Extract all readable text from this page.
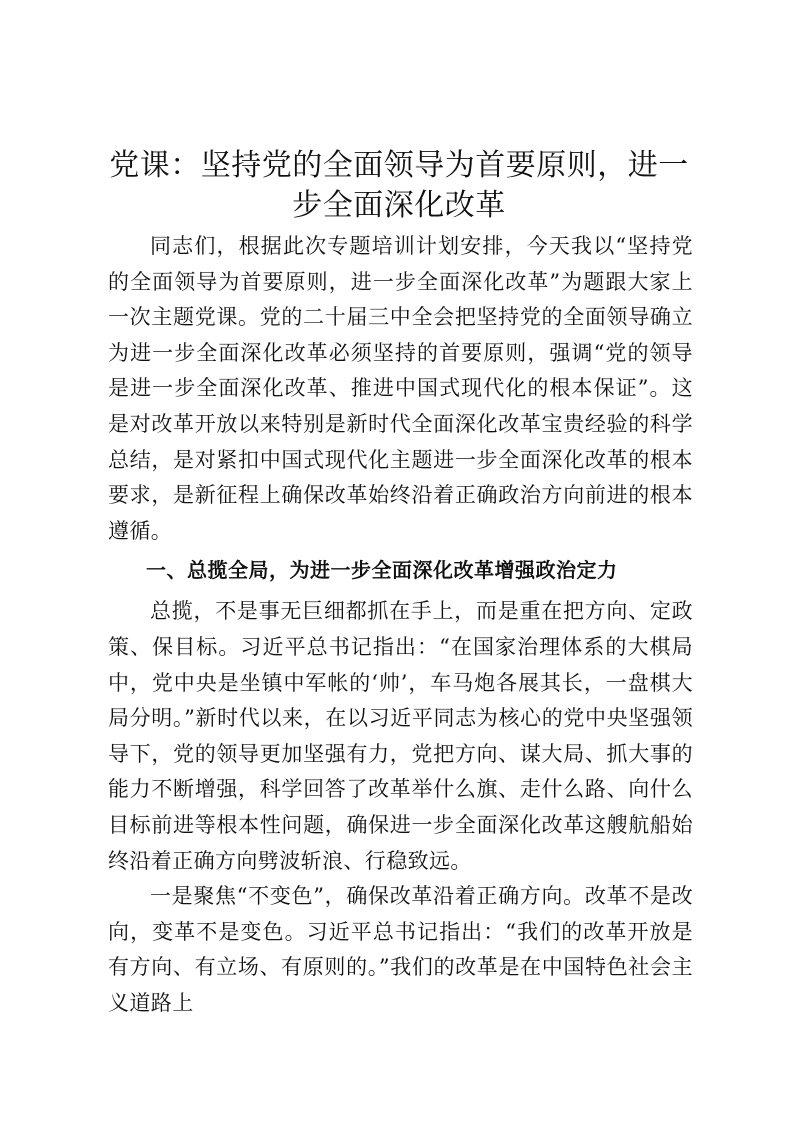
党课：坚持党的全面领导为首要原则，进一步全面深化改革

同志们，根据此次专题培训计划安排，今天我以“坚持党的全面领导为首要原则，进一步全面深化改革”为题跟大家上一次主题党课。党的二十届三中全会把坚持党的全面领导确立为进一步全面深化改革必须坚持的首要原则，强调“党的领导是进一步全面深化改革、推进中国式现代化的根本保证”。这是对改革开放以来特别是新时代全面深化改革宝贵经验的科学总结，是对紧扣中国式现代化主题进一步全面深化改革的根本要求，是新征程上确保改革始终沿着正确政治方向前进的根本遵循。

一、总揽全局，为进一步全面深化改革增强政治定力

总揽，不是事无巨细都抓在手上，而是重在把方向、定政策、保目标。习近平总书记指出：“在国家治理体系的大棋局中，党中央是坐镇中军帐的‘帅’，车马炮各展其长，一盘棋大局分明。”新时代以来，在以习近平同志为核心的党中央坚强领导下，党的领导更加坚强有力，党把方向、谋大局、抓大事的能力不断增强，科学回答了改革举什么旗、走什么路、向什么目标前进等根本性问题，确保进一步全面深化改革这艘航船始终沿着正确方向劈波斩浪、行稳致远。

一是聚焦“不变色”，确保改革沿着正确方向。改革不是改向，变革不是变色。习近平总书记指出：“我们的改革开放是有方向、有立场、有原则的。”我们的改革是在中国特色社会主义道路上
